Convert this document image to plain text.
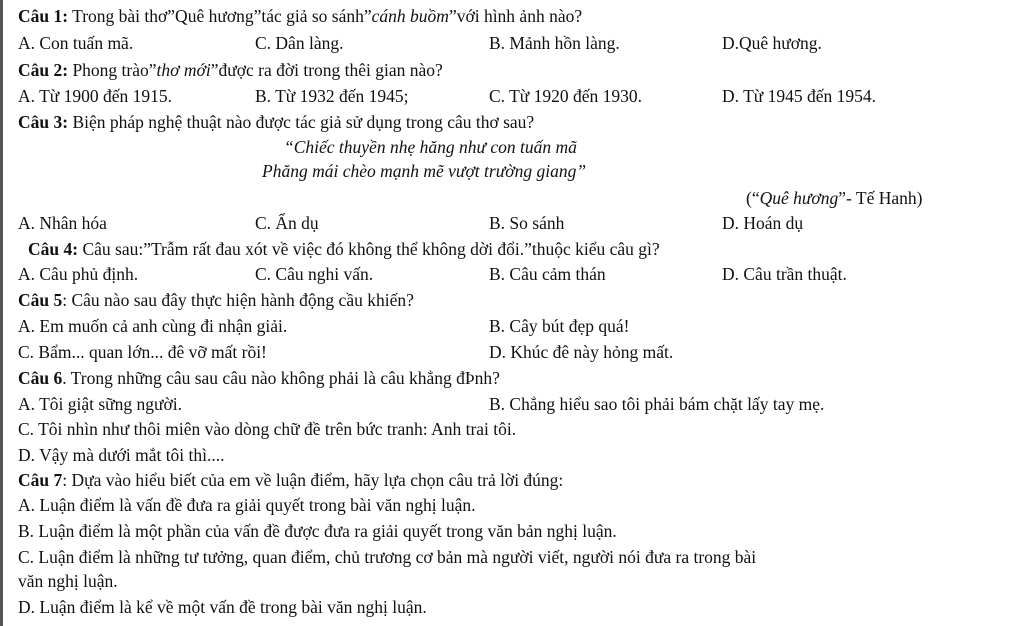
Câu 1: Trong bài thơ”Quê hương”tác giả so sánh”cánh buồm”với hình ảnh nào?
A. Con tuấn mã.	C. Dân làng.	B. Mảnh hồn làng.	D.Quê hương.
Câu 2: Phong trào”thơ mới”được ra đời trong thêi gian nào?
A. Từ 1900 đến 1915.	B. Từ 1932 đến 1945;	C. Từ 1920 đến 1930.	D. Từ 1945 đến 1954.
Câu 3: Biện pháp nghệ thuật nào được tác giả sử dụng trong câu thơ sau?
“Chiếc thuyền nhẹ hăng như con tuấn mã
Phăng mái chèo mạnh mẽ vượt trường giang”
(“Quê hương”- Tế Hanh)
A. Nhân hóa	C. Ẩn dụ	B. So sánh	D. Hoán dụ
Câu 4: Câu sau:”Trẫm rất đau xót về việc đó không thể không dời đổi.”thuộc kiểu câu gì?
A. Câu phủ định.	C. Câu nghi vấn.	B. Câu cảm thán	D. Câu trần thuật.
Câu 5: Câu nào sau đây thực hiện hành động cầu khiến?
A. Em muốn cả anh cùng đi nhận giải.	B. Cây bút đẹp quá!
C. Bẩm... quan lớn... đê vỡ mất rồi!	D. Khúc đê này hỏng mất.
Câu 6. Trong những câu sau câu nào không phải là câu khẳng đÞnh?
A. Tôi giật sững người.	B. Chẳng hiểu sao tôi phải bám chặt lấy tay mẹ.
C. Tôi nhìn như thôi miên vào dòng chữ đề trên bức tranh: Anh trai tôi.
D. Vậy mà dưới mắt tôi thì....
Câu 7: Dựa vào hiểu biết của em về luận điểm, hãy lựa chọn câu trả lời đúng:
A. Luận điểm là vấn đề đưa ra giải quyết trong bài văn nghị luận.
B. Luận điểm là một phần của vấn đề được đưa ra giải quyết trong văn bản nghị luận.
C. Luận điểm là những tư tưởng, quan điểm, chủ trương cơ bản mà người viết, người nói đưa ra trong bài
văn nghị luận.
D. Luận điểm là kể về một vấn đề trong bài văn nghị luận.
